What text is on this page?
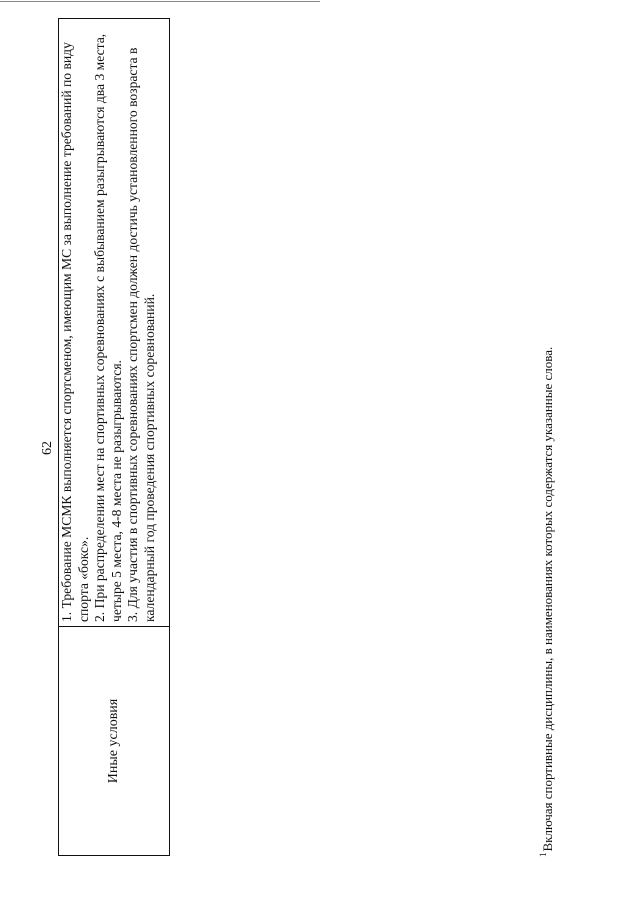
62
Иные условия	

1. Требование МСМК выполняется спортсменом, имеющим МС за выполнение требований по виду спорта «бокс». 2. При распределении мест на спортивных соревнованиях с выбыванием разыгрываются два 3 места, четыре 5 места, 4-8 места не разыгрываются. 3. Для участия в спортивных соревнованиях спортсмен должен достичь установленного возраста в календарный год проведения спортивных соревнований.

$^1$Включая спортивные дисциплины, в наименованиях которых содержатся указанные слова.
